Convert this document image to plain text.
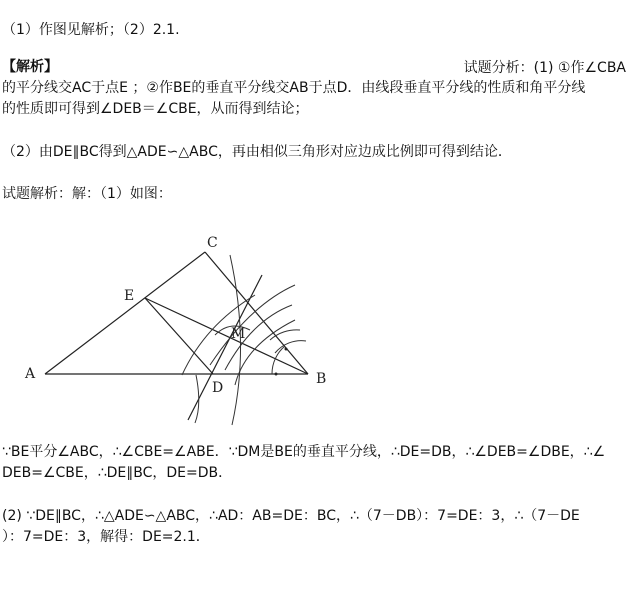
（1）作图见解析；（2）2.1.
【解析】	试题分析：(1) ①作∠CBA
的平分线交AC于点E ；②作BE的垂直平分线交AB于点D．由线段垂直平分线的性质和角平分线
的性质即可得到∠DEB＝∠CBE，从而得到结论；
（2）由DE∥BC得到△ADE∽△ABC，再由相似三角形对应边成比例即可得到结论．
试题解析：解：（1）如图：
A	B
C
D
E
M
∵BE平分∠ABC，∴∠CBE=∠ABE．∵DM是BE的垂直平分线，∴DE=DB，∴∠DEB=∠DBE，∴∠
DEB=∠CBE，∴DE∥BC，DE=DB．
(2) ∵DE∥BC，∴△ADE∽△ABC，∴AD：AB=DE：BC，∴（7－DB）：7=DE：3，∴（7－DE
）：7=DE：3，解得：DE=2.1．
